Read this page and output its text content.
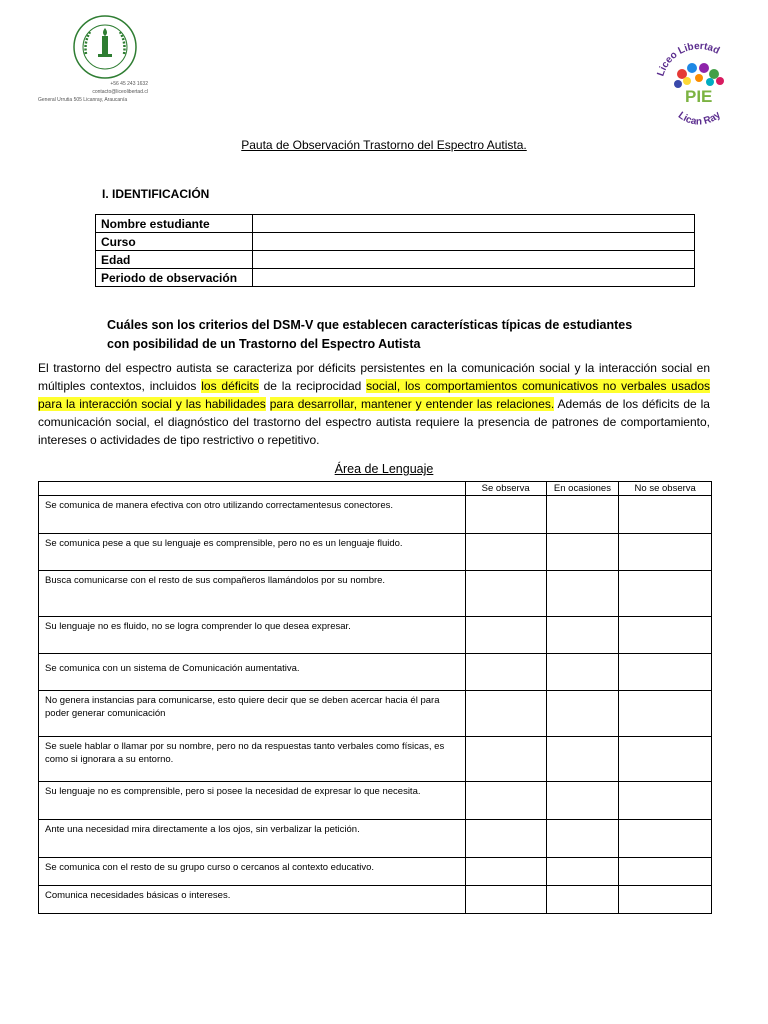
+56 45 243 1632
contacto@liceolibertad.cl
General Urrutia 505 Licanray, Araucanía
Liceo Libertad
PIE
Lican Ray
Pauta de Observación Trastorno del Espectro Autista.
I. IDENTIFICACIÓN
Nombre estudiante	
Curso	
Edad	
Periodo de observación	
Cuáles son los criterios del DSM-V que establecen características típicas de estudiantes
con posibilidad de un Trastorno del Espectro Autista
El trastorno del espectro autista se caracteriza por déficits persistentes en la comunicación social y la interacción social en múltiples contextos, incluidos los déficits de la reciprocidad social, los comportamientos comunicativos no verbales usados para la interacción social y las habilidades para desarrollar, mantener y entender las relaciones. Además de los déficits de la comunicación social, el diagnóstico del trastorno del espectro autista requiere la presencia de patrones de comportamiento, intereses o actividades de tipo restrictivo o repetitivo.
Área de Lenguaje
	Se observa	En ocasiones	No se observa
Se comunica de manera efectiva con otro utilizando correctamentesus conectores.			
Se comunica pese a que su lenguaje es comprensible, pero no es un lenguaje fluido.			
Busca comunicarse con el resto de sus compañeros llamándolos por su nombre.			
Su lenguaje no es fluido, no se logra comprender lo que desea expresar.			
Se comunica con un sistema de Comunicación aumentativa.			
No genera instancias para comunicarse, esto quiere decir que se deben acercar hacia él para poder generar comunicación			
Se suele hablar o llamar por su nombre, pero no da respuestas tanto verbales como físicas, es como si ignorara a su entorno.			
Su lenguaje no es comprensible, pero si posee la necesidad de expresar lo que necesita.			
Ante una necesidad mira directamente a los ojos, sin verbalizar la petición.			
Se comunica con el resto de su grupo curso o cercanos al contexto educativo.			
Comunica necesidades básicas o intereses.			
